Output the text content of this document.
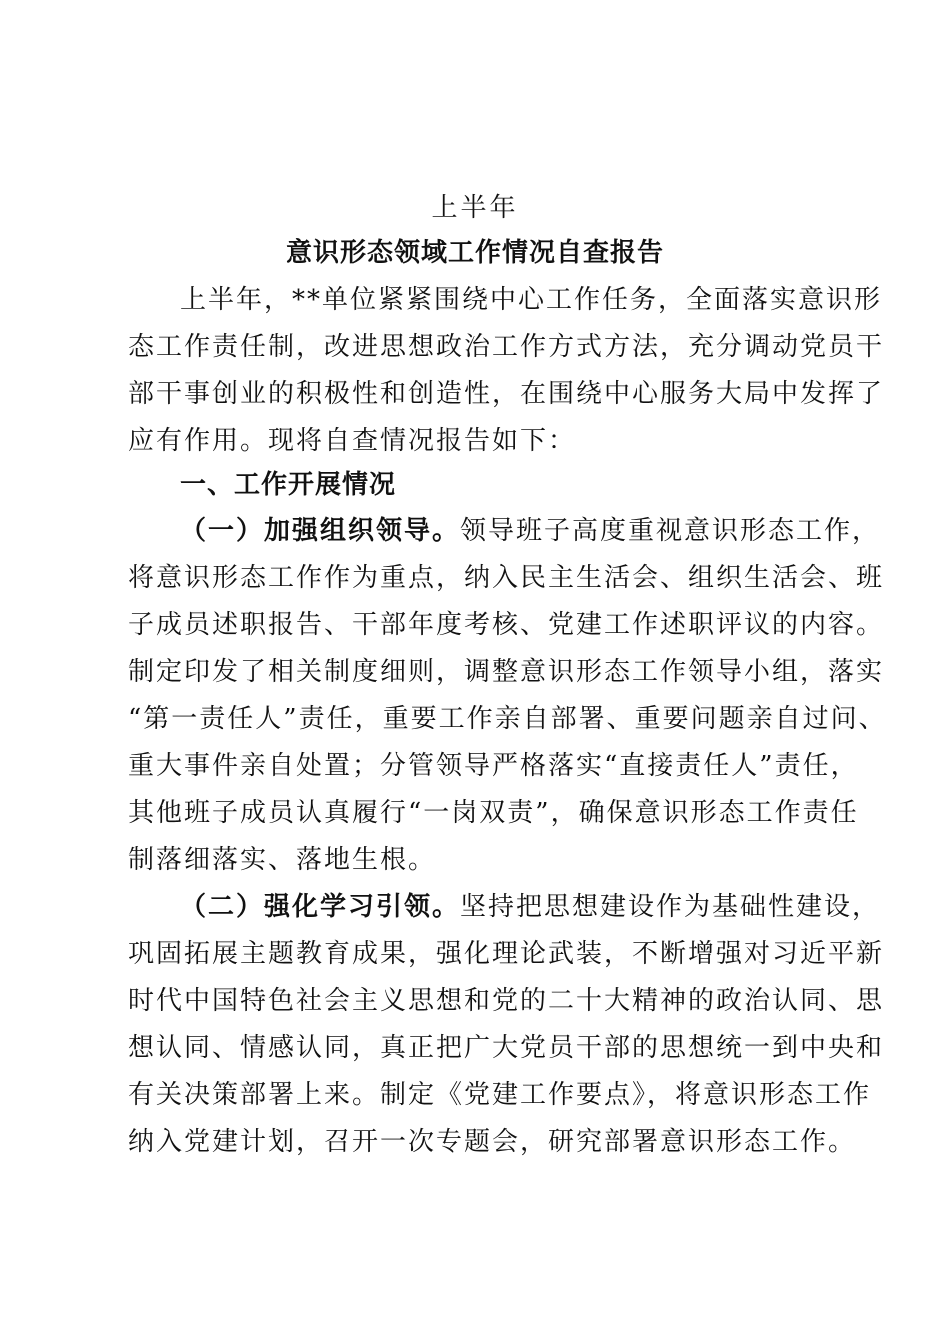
上半年
意识形态领域工作情况自查报告
上半年，**单位紧紧围绕中心工作任务，全面落实意识形
态工作责任制，改进思想政治工作方式方法，充分调动党员干
部干事创业的积极性和创造性，在围绕中心服务大局中发挥了
应有作用。现将自查情况报告如下：
一、工作开展情况
（一）加强组织领导。领导班子高度重视意识形态工作，
将意识形态工作作为重点，纳入民主生活会、组织生活会、班
子成员述职报告、干部年度考核、党建工作述职评议的内容。
制定印发了相关制度细则，调整意识形态工作领导小组，落实
“第一责任人”责任，重要工作亲自部署、重要问题亲自过问、
重大事件亲自处置；分管领导严格落实“直接责任人”责任，
其他班子成员认真履行“一岗双责”，确保意识形态工作责任
制落细落实、落地生根。
（二）强化学习引领。坚持把思想建设作为基础性建设，
巩固拓展主题教育成果，强化理论武装，不断增强对习近平新
时代中国特色社会主义思想和党的二十大精神的政治认同、思
想认同、情感认同，真正把广大党员干部的思想统一到中央和
有关决策部署上来。制定《党建工作要点》，将意识形态工作
纳入党建计划，召开一次专题会，研究部署意识形态工作。
